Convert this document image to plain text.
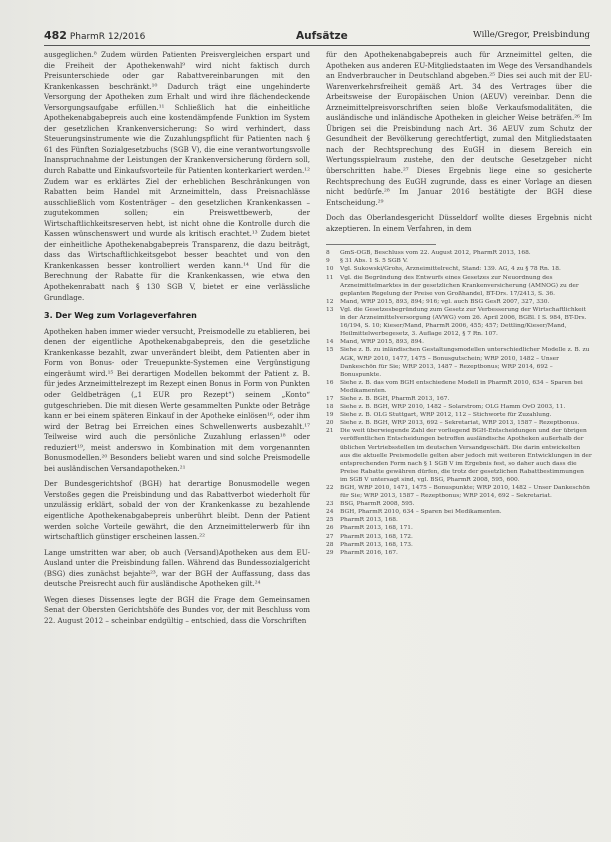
482 PharmR 12/2016	Aufsätze	Wille/Gregor, Preisbindung

ausgeglichen.⁸ Zudem würden Patienten Preisvergleichen erspart und die Freiheit der Apothekenwahl⁹ wird nicht faktisch durch Preisunterschiede oder gar Rabattvereinbarungen mit den Krankenkassen beschränkt.¹⁰ Dadurch trägt eine ungehinderte Versorgung der Apotheken zum Erhalt und wird ihre flächendeckende Versorgungsaufgabe erfüllen.¹¹ Schließlich hat die einheitliche Apothekenabgabepreis auch eine kostendämpfende Funktion im System der gesetzlichen Krankenversicherung: So wird verhindert, dass Steuerungsinstrumente wie die Zuzahlungspflicht für Patienten nach § 61 des Fünften Sozialgesetzbuchs (SGB V), die eine verantwortungsvolle Inanspruchnahme der Leistungen der Krankenversicherung fördern soll, durch Rabatte und Einkaufsvorteile für Patienten konterkariert werden.¹² Zudem war es erklärtes Ziel der erheblichen Beschränkungen von Rabatten beim Handel mit Arzneimitteln, dass Preisnachlässe ausschließlich vom Kostenträger – den gesetzlichen Krankenkassen – zugutekommen sollen; ein Preiswettbewerb, der Wirtschaftlichkeitsreserven hebt, ist nicht ohne die Kontrolle durch die Kassen wünschenswert und wurde als kritisch erachtet.¹³ Zudem bietet der einheitliche Apothekenabgabepreis Transparenz, die dazu beiträgt, dass das Wirtschaftlichkeitsgebot besser beachtet und von den Krankenkassen besser kontrolliert werden kann.¹⁴ Und für die Berechnung der Rabatte für die Krankenkassen, wie etwa den Apothekenrabatt nach § 130 SGB V, bietet er eine verlässliche Grundlage.

3. Der Weg zum Vorlageverfahren

Apotheken haben immer wieder versucht, Preismodelle zu etablieren, bei denen der eigentliche Apothekenabgabepreis, den die gesetzliche Krankenkasse bezahlt, zwar unverändert bleibt, dem Patienten aber in Form von Bonus- oder Treuepunkte-Systemen eine Vergünstigung eingeräumt wird.¹⁵ Bei derartigen Modellen bekommt der Patient z. B. für jedes Arzneimittelrezept im Rezept einen Bonus in Form von Punkten oder Geldbeträgen („1 EUR pro Rezept“) seinem „Konto“ gutgeschrieben. Die mit diesen Werte gesammelten Punkte oder Beträge kann er bei einem späteren Einkauf in der Apotheke einlösen¹⁶, oder ihm wird der Betrag bei Erreichen eines Schwellenwerts ausbezahlt.¹⁷ Teilweise wird auch die persönliche Zuzahlung erlassen¹⁸ oder reduziert¹⁹, meist anderswo in Kombination mit dem vorgenannten Bonusmodellen.²⁰ Besonders beliebt waren und sind solche Preismodelle bei ausländischen Versandapotheken.²¹

Der Bundesgerichtshof (BGH) hat derartige Bonusmodelle wegen Verstoßes gegen die Preisbindung und das Rabattverbot wiederholt für unzulässig erklärt, sobald der von der Krankenkasse zu bezahlende eigentliche Apothekenabgabepreis unberührt bleibt. Denn der Patient werden solche Vorteile gewährt, die den Arzneimittelerwerb für ihn wirtschaftlich günstiger erscheinen lassen.²²

Lange umstritten war aber, ob auch (Versand)Apotheken aus dem EU-Ausland unter die Preisbindung fallen. Während das Bundessozialgericht (BSG) dies zunächst bejahte²³, war der BGH der Auffassung, dass das deutsche Preisrecht auch für ausländische Apotheken gilt.²⁴

Wegen dieses Dissenses legte der BGH die Frage dem Gemeinsamen Senat der Obersten Gerichtshöfe des Bundes vor, der mit Beschluss vom 22. August 2012 – scheinbar endgültig – entschied, dass die Vorschriften

für den Apothekenabgabepreis auch für Arzneimittel gelten, die Apotheken aus anderen EU-Mitgliedstaaten im Wege des Versandhandels an Endverbraucher in Deutschland abgeben.²⁵ Dies sei auch mit der EU-Warenverkehrsfreiheit gemäß Art. 34 des Vertrages über die Arbeitsweise der Europäischen Union (AEUV) vereinbar. Denn die Arzneimittelpreisvorschriften seien bloße Verkaufsmodalitäten, die ausländische und inländische Apotheken in gleicher Weise beträfen.²⁶ Im Übrigen sei die Preisbindung nach Art. 36 AEUV zum Schutz der Gesundheit der Bevölkerung gerechtfertigt, zumal den Mitgliedstaaten nach der Rechtsprechung des EuGH in diesem Bereich ein Wertungsspielraum zustehe, den der deutsche Gesetzgeber nicht überschritten habe.²⁷ Dieses Ergebnis liege eine so gesicherte Rechtsprechung des EuGH zugrunde, dass es einer Vorlage an diesen nicht bedürfe.²⁸ Im Januar 2016 bestätigte der BGH diese Entscheidung.²⁹

Doch das Oberlandesgericht Düsseldorf wollte dieses Ergebnis nicht akzeptieren. In einem Verfahren, in dem

8	GmS-OGB, Beschluss vom 22. August 2012, PharmR 2013, 168.
9	§ 31 Abs. 1 S. 5 SGB V.
10	Vgl. Sukowski/Grohs, Arzneimittelrecht, Stand: 139. AG, 4 zu § 78 Rn. 18.
11	Vgl. die Begründung des Entwurfs eines Gesetzes zur Neuordnung des Arzneimittelmarktes in der gesetzlichen Krankenversicherung (AMNOG) zu der geplanten Regelung der Preise von Großhandel, BT-Drs. 17/2413, S. 36.
12	Mand, WRP 2015, 893, 894; 916; vgl. auch BSG GesR 2007, 327, 330.
13	Vgl. die Gesetzesbegründung zum Gesetz zur Verbesserung der Wirtschaftlichkeit in der Arzneimittelversorgung (AVWG) vom 26. April 2006, BGBl. I S. 984, BT-Drs. 16/194, S. 10; Kieser/Mand, PharmR 2006, 455; 457; Dettling/Kieser/Mand, Heilmittelwerbegesetz, 3. Auflage 2012, § 7 Rn. 107.
14	Mand, WRP 2015, 893, 894.
15	Siehe z. B. zu inländischen Gestaltungsmodellen unterschiedlicher Modelle z. B. zu AGK, WRP 2010, 1477, 1475 – Bonusgutschein; WRP 2010, 1482 – Unser Dankeschön für Sie; WRP 2013, 1487 – Rezeptbonus; WRP 2014, 692 – Bonuspunkte.
16	Siehe z. B. das vom BGH entschiedene Modell in PharmR 2010, 634 – Sparen bei Medikamenten.
17	Siehe z. B. BGH, PharmR 2013, 167.
18	Siehe z. B. BGH, WRP 2010, 1482 – Solarstrom; OLG Hamm OvO 2003, 11.
19	Siehe z. B. OLG Stuttgart, WRP 2012, 112 – Stichworte für Zuzahlung.
20	Siehe z. B. BGH, WRP 2013, 692 – Sekretariat, WRP 2013, 1587 – Rezeptbonus.
21	Die weit überwiegende Zahl der vorliegend BGH-Entscheidungen und der übrigen veröffentlichen Entscheidungen betroffen ausländische Apotheken außerhalb der üblichen Vertriebsstellen im deutschen Versandgeschäft. Die darin entwickelten aus die aktuelle Preismodelle gelten aber jedoch mit weiteren Entwicklungen in der entsprechenden Form nach § 1 SGB V im Ergebnis fest, so daher auch dass die Preise Rabatte gewähren dürfen, die trotz der gesetzlichen Rabattbestimmungen im SGB V untersagt sind, vgl. BSG, PharmR 2008, 595, 600.
22	BGH, WRP 2010, 1471, 1475 – Bonuspunkte; WRP 2010, 1482 – Unser Dankeschön für Sie; WRP 2013, 1587 – Rezeptbonus; WRP 2014, 692 – Sekretariat.
23	BSG, PharmR 2008, 595.
24	BGH, PharmR 2010, 634 – Sparen bei Medikamenten.
25	PharmR 2013, 168.
26	PharmR 2013, 168, 171.
27	PharmR 2013, 168, 172.
28	PharmR 2013, 168, 173.
29	PharmR 2016, 167.
